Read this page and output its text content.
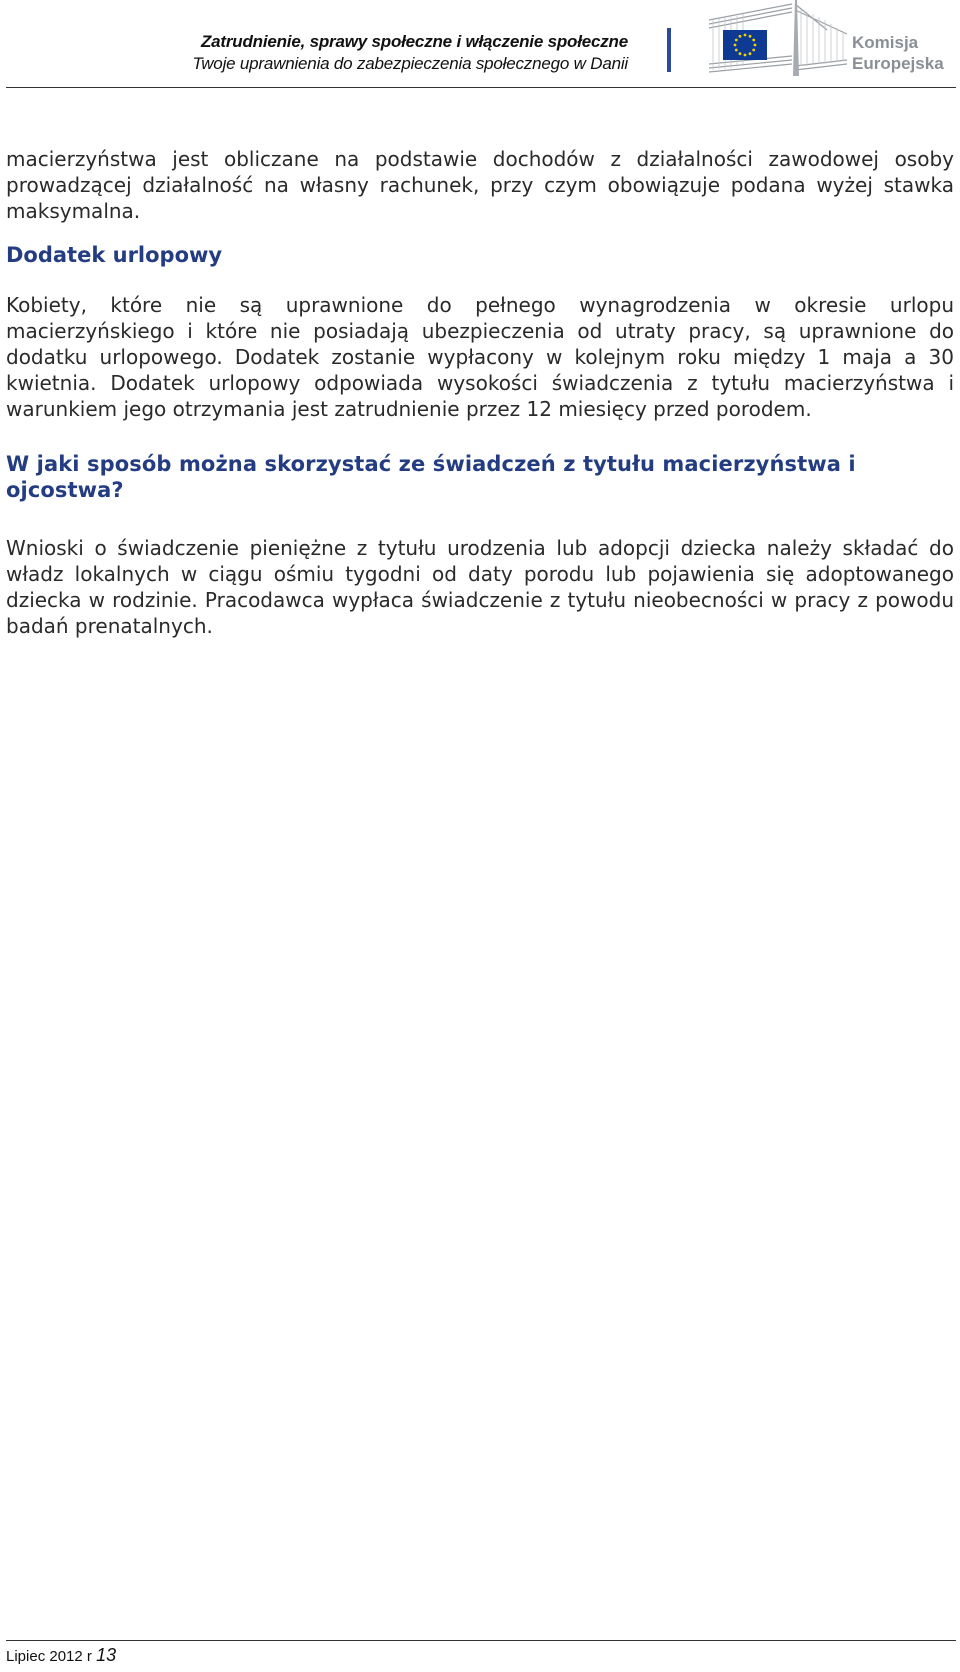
Zatrudnienie, sprawy społeczne i włączenie społeczne
Twoje uprawnienia do zabezpieczenia społecznego w Danii
Komisja
Europejska

macierzyństwa jest obliczane na podstawie dochodów z działalności zawodowej osoby prowadzącej działalność na własny rachunek, przy czym obowiązuje podana wyżej stawka maksymalna.

Dodatek urlopowy

Kobiety, które nie są uprawnione do pełnego wynagrodzenia w okresie urlopu macierzyńskiego i które nie posiadają ubezpieczenia od utraty pracy, są uprawnione do dodatku urlopowego. Dodatek zostanie wypłacony w kolejnym roku między 1 maja a 30 kwietnia. Dodatek urlopowy odpowiada wysokości świadczenia z tytułu macierzyństwa i warunkiem jego otrzymania jest zatrudnienie przez 12 miesięcy przed porodem.

W jaki sposób można skorzystać ze świadczeń z tytułu macierzyństwa i ojcostwa?

Wnioski o świadczenie pieniężne z tytułu urodzenia lub adopcji dziecka należy składać do władz lokalnych w ciągu ośmiu tygodni od daty porodu lub pojawienia się adoptowanego dziecka w rodzinie. Pracodawca wypłaca świadczenie z tytułu nieobecności w pracy z powodu badań prenatalnych.

Lipiec 2012 r 13
